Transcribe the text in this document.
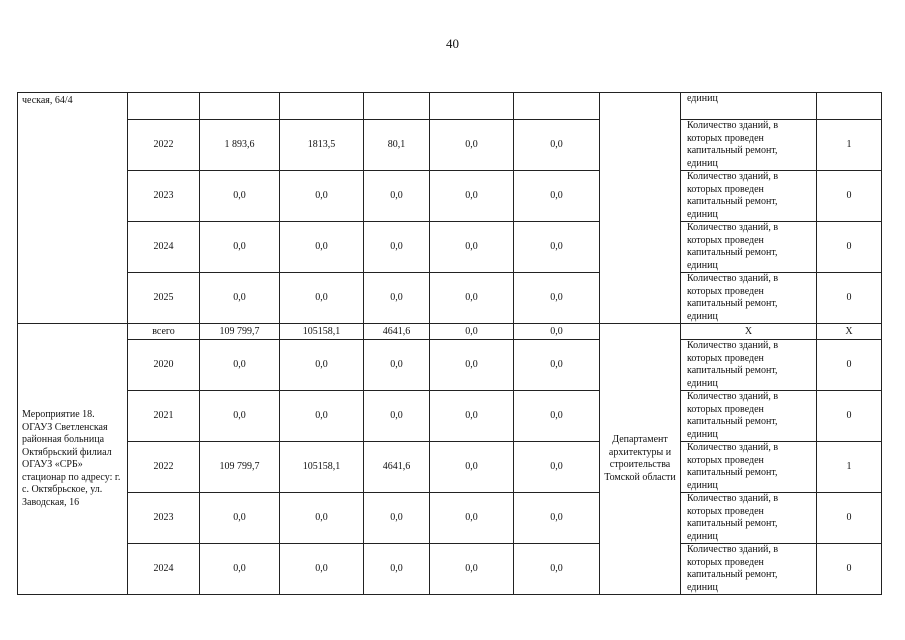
40
ческая, 64/4								единиц	
	2022	1 893,6	1813,5	80,1	0,0	0,0		Количество зданий, в которых проведен капитальный ремонт, единиц	1
	2023	0,0	0,0	0,0	0,0	0,0		Количество зданий, в которых проведен капитальный ремонт, единиц	0
	2024	0,0	0,0	0,0	0,0	0,0		Количество зданий, в которых проведен капитальный ремонт, единиц	0
	2025	0,0	0,0	0,0	0,0	0,0		Количество зданий, в которых проведен капитальный ремонт, единиц	0
Мероприятие 18. ОГАУЗ Светленская районная больница Октябрьский филиал ОГАУЗ «СРБ» стационар по адресу: г. с. Октябрьское, ул. Заводская, 16	всего	109 799,7	105158,1	4641,6	0,0	0,0	Департамент архитектуры и строительства Томской области	X	X
	2020	0,0	0,0	0,0	0,0	0,0		Количество зданий, в которых проведен капитальный ремонт, единиц	0
	2021	0,0	0,0	0,0	0,0	0,0		Количество зданий, в которых проведен капитальный ремонт, единиц	0
	2022	109 799,7	105158,1	4641,6	0,0	0,0		Количество зданий, в которых проведен капитальный ремонт, единиц	1
	2023	0,0	0,0	0,0	0,0	0,0		Количество зданий, в которых проведен капитальный ремонт, единиц	0
	2024	0,0	0,0	0,0	0,0	0,0		Количество зданий, в которых проведен капитальный ремонт, единиц	0
